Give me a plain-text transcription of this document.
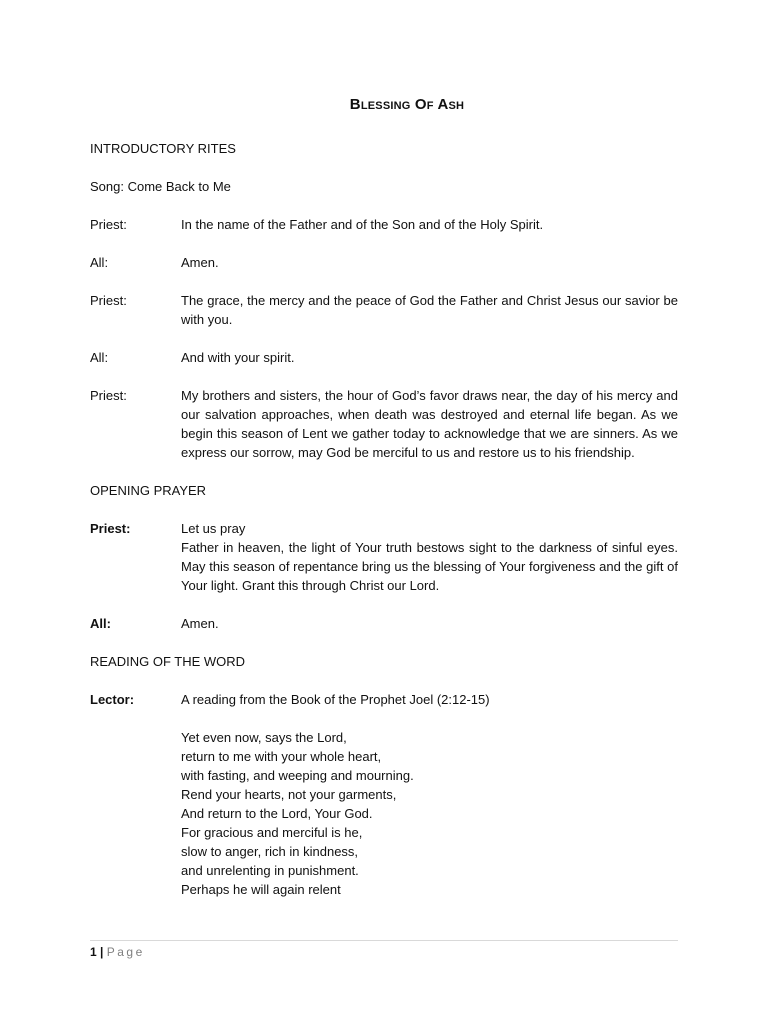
Blessing Of Ash
INTRODUCTORY RITES
Song: Come Back to Me
Priest:	In the name of the Father and of the Son and of the Holy Spirit.
All:	Amen.
Priest:	The grace, the mercy and the peace of God the Father and Christ Jesus our savior be with you.
All:	And with your spirit.
Priest:	My brothers and sisters, the hour of God’s favor draws near, the day of his mercy and our salvation approaches, when death was destroyed and eternal life began. As we begin this season of Lent we gather today to acknowledge that we are sinners. As we express our sorrow, may God be merciful to us and restore us to his friendship.
OPENING PRAYER
Priest:	Let us pray

Father in heaven, the light of Your truth bestows sight to the darkness of sinful eyes. May this season of repentance bring us the blessing of Your forgiveness and the gift of Your light. Grant this through Christ our Lord.

All:	Amen.
READING OF THE WORD
Lector:	A reading from the Book of the Prophet Joel (2:12-15)

Yet even now, says the Lord,
return to me with your whole heart,
with fasting, and weeping and mourning.
Rend your hearts, not your garments,
And return to the Lord, Your God.
For gracious and merciful is he,
slow to anger, rich in kindness,
and unrelenting in punishment.
Perhaps he will again relent
1 | Page
